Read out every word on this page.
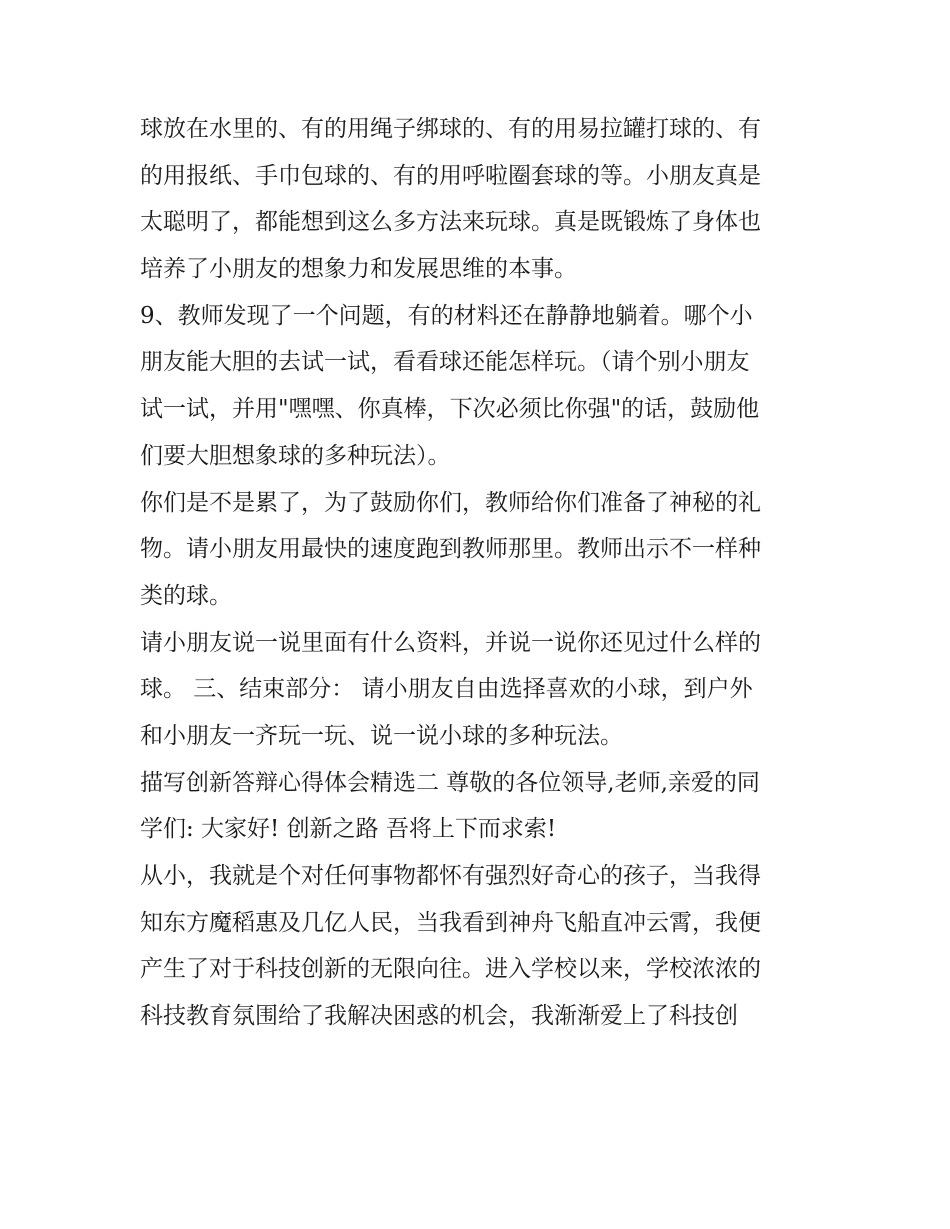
球放在水里的、有的用绳子绑球的、有的用易拉罐打球的、有
的用报纸、手巾包球的、有的用呼啦圈套球的等。小朋友真是
太聪明了，都能想到这么多方法来玩球。真是既锻炼了身体也
培养了小朋友的想象力和发展思维的本事。
9、教师发现了一个问题，有的材料还在静静地躺着。哪个小
朋友能大胆的去试一试，看看球还能怎样玩。（请个别小朋友
试一试，并用"嘿嘿、你真棒，下次必须比你强"的话，鼓励他
们要大胆想象球的多种玩法）。
你们是不是累了，为了鼓励你们，教师给你们准备了神秘的礼
物。请小朋友用最快的速度跑到教师那里。教师出示不一样种
类的球。
请小朋友说一说里面有什么资料，并说一说你还见过什么样的
球。 三、结束部分： 请小朋友自由选择喜欢的小球，到户外
和小朋友一齐玩一玩、说一说小球的多种玩法。
描写创新答辩心得体会精选二 尊敬的各位领导,老师,亲爱的同
学们: 大家好! 创新之路 吾将上下而求索!
从小，我就是个对任何事物都怀有强烈好奇心的孩子，当我得
知东方魔稻惠及几亿人民，当我看到神舟飞船直冲云霄，我便
产生了对于科技创新的无限向往。进入学校以来，学校浓浓的
科技教育氛围给了我解决困惑的机会，我渐渐爱上了科技创
